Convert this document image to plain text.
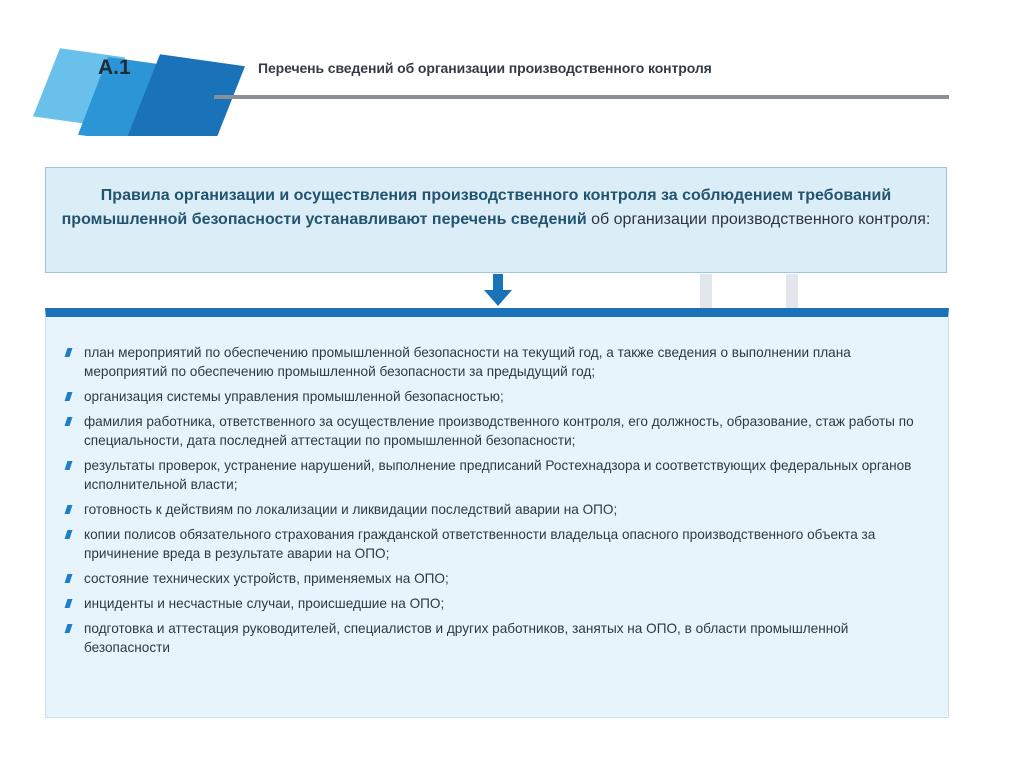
А.1	Перечень сведений об организации производственного контроля
Правила организации и осуществления производственного контроля за соблюдением требований промышленной безопасности устанавливают перечень сведений об организации производственного контроля:
план мероприятий по обеспечению промышленной безопасности на текущий год, а также сведения о выполнении плана мероприятий по обеспечению промышленной безопасности за предыдущий год;
организация системы управления промышленной безопасностью;
фамилия работника, ответственного за осуществление производственного контроля, его должность, образование, стаж работы по специальности, дата последней аттестации по промышленной безопасности;
результаты проверок, устранение нарушений, выполнение предписаний Ростехнадзора и соответствующих федеральных органов исполнительной власти;
готовность к действиям по локализации и ликвидации последствий аварии на ОПО;
копии полисов обязательного страхования гражданской ответственности владельца опасного производственного объекта за причинение вреда в результате аварии на ОПО;
состояние технических устройств, применяемых на ОПО;
инциденты и несчастные случаи, происшедшие на ОПО;
подготовка и аттестация руководителей, специалистов и других работников, занятых на ОПО, в области промышленной безопасности
